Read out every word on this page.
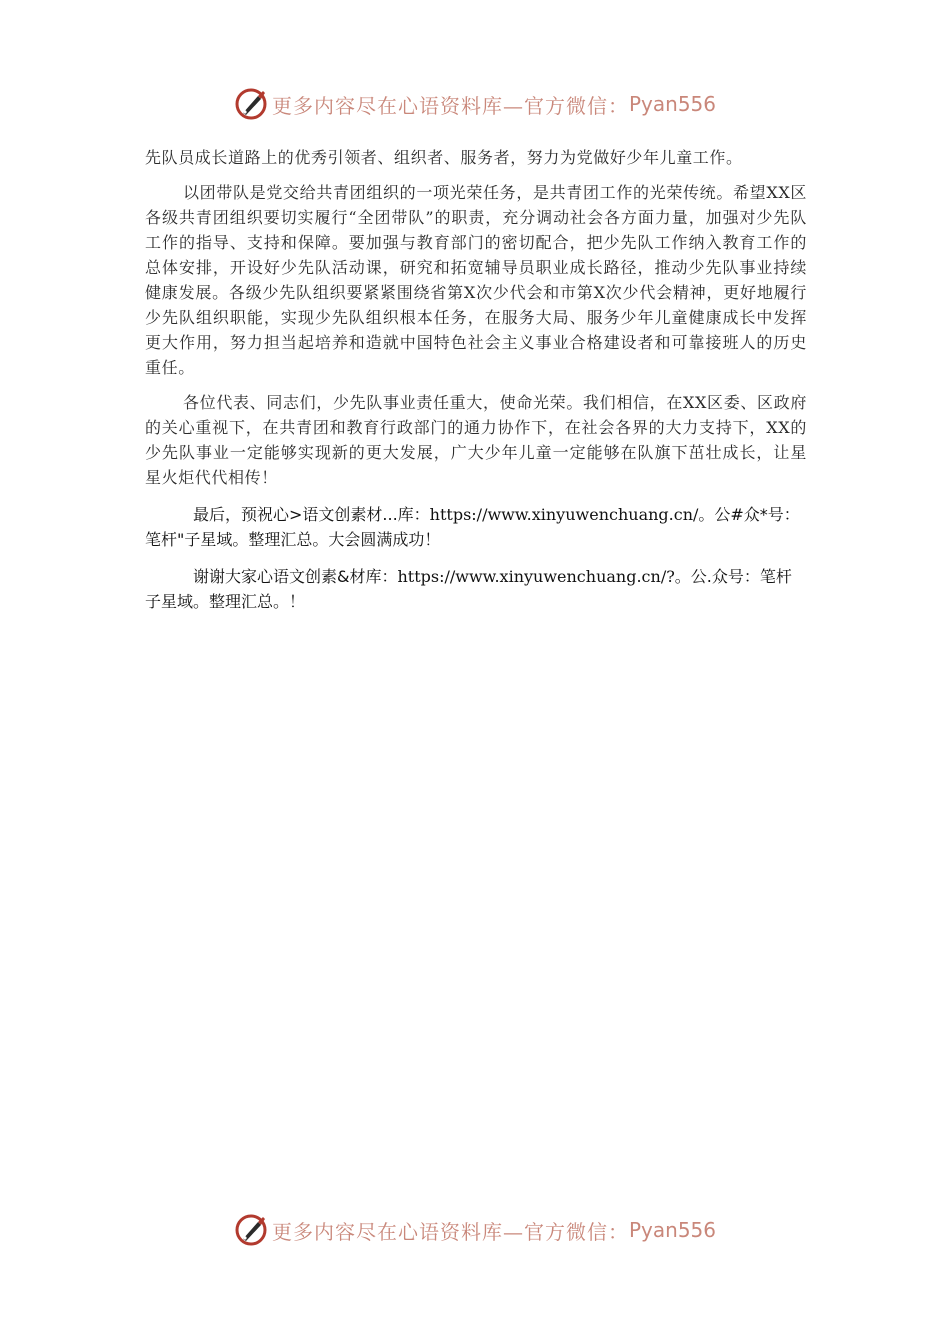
更多内容尽在心语资料库—官方微信： Pyan556

先队员成长道路上的优秀引领者、组织者、服务者，努力为党做好少年儿童工作。

以团带队是党交给共青团组织的一项光荣任务，是共青团工作的光荣传统。希望XX区各级共青团组织要切实履行“全团带队”的职责，充分调动社会各方面力量，加强对少先队工作的指导、支持和保障。要加强与教育部门的密切配合，把少先队工作纳入教育工作的总体安排，开设好少先队活动课，研究和拓宽辅导员职业成长路径，推动少先队事业持续健康发展。各级少先队组织要紧紧围绕省第X次少代会和市第X次少代会精神，更好地履行少先队组织职能，实现少先队组织根本任务，在服务大局、服务少年儿童健康成长中发挥更大作用，努力担当起培养和造就中国特色社会主义事业合格建设者和可靠接班人的历史重任。

各位代表、同志们，少先队事业责任重大，使命光荣。我们相信，在XX区委、区政府的关心重视下，在共青团和教育行政部门的通力协作下，在社会各界的大力支持下，XX的少先队事业一定能够实现新的更大发展，广大少年儿童一定能够在队旗下茁壮成长，让星星火炬代代相传！

最后，预祝心>语文创素材...库：https://www.xinyuwenchuang.cn/。公#众*号：笔杆"子星域。整理汇总。大会圆满成功！

谢谢大家心语文创素&材库：https://www.xinyuwenchuang.cn/?。公.众号：笔杆子星域。整理汇总。！

更多内容尽在心语资料库—官方微信： Pyan556
